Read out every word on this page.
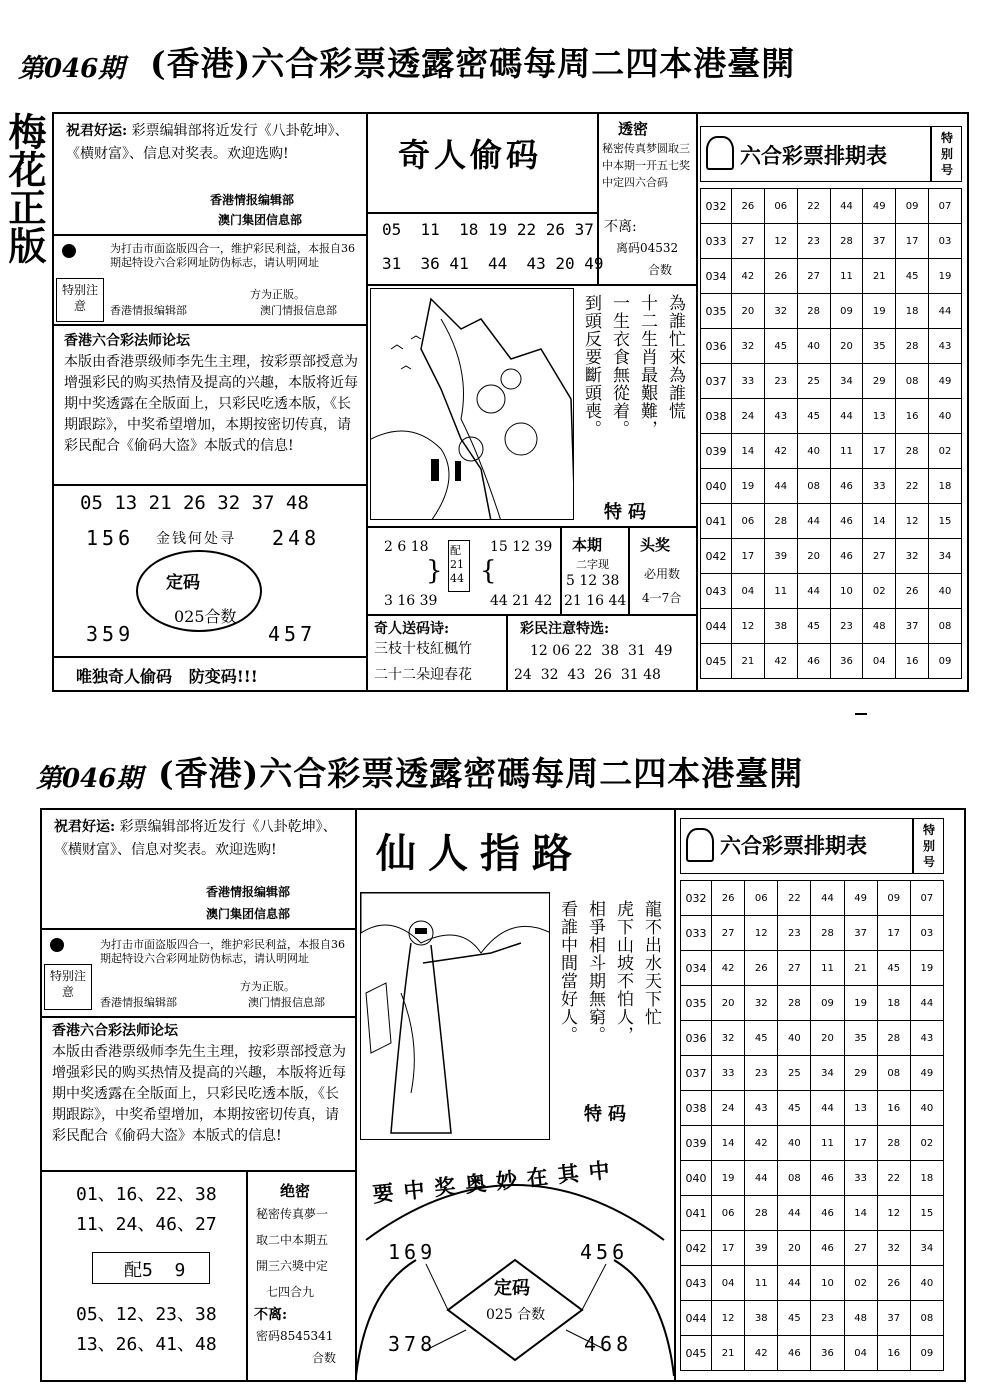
第046期 (香港)六合彩票透露密碼每周二四本港臺開
梅花正版 祝君好运: 彩票编辑部将近发行《八卦乾坤》、《横财富》、信息对奖表。欢迎选购!
香港情报编辑部
澳门集团信息部
特别注意
为打击市面盗版四合一，维护彩民利益，本报自36期起特设六合彩网址防伪标志，请认明网址
方为正版。
香港情报编辑部	澳门情报信息部
香港六合彩法师论坛
本版由香港票级师李先生主理，按彩票部授意为增强彩民的购买热情及提高的兴趣，本版将近每期中奖透露在全版面上，只彩民吃透本版，《长期跟踪》，中奖希望增加，本期按密切传真，请彩民配合《偷码大盗》本版式的信息!
05 13 21 26 32 37 48
156	248
金钱何处寻
定码
025合数
359	457
唯独奇人偷码   防变码!!!
奇人偷码
05  11  18 19 22 26 37
31  36 41  44  43 20 49
透密
秘密传真梦圆取三中本期一开五七奖中定四六合码
不离:
离码04532
合数
到頭反要斷頭喪。 一生衣食無從着。 十二生肖最艱難， 為誰忙來為誰慌
特码
2 6 18
}
配21 44 {
15 12 39
3 16 39	44 21 42
本期
二字现
5 12 38
21 16 44
头奖
必用数
4一7合
奇人送码诗:
三枝十枝紅楓竹
二十二朵迎春花
彩民注意特选:
12 06 22  38  31  49
24  32  43  26  31 48
六合彩票排期表
特别号
032	26	06	22	44	49	09	07
033	27	12	23	28	37	17	03
034	42	26	27	11	21	45	19
035	20	32	28	09	19	18	44
036	32	45	40	20	35	28	43
037	33	23	25	34	29	08	49
038	24	43	45	44	13	16	40
039	14	42	40	11	17	28	02
040	19	44	08	46	33	22	18
041	06	28	44	46	14	12	15
042	17	39	20	46	27	32	34
043	04	11	44	10	02	26	40
044	12	38	45	23	48	37	08
045	21	42	46	36	04	16	09
第046期 (香港)六合彩票透露密碼每周二四本港臺開
祝君好运: 彩票编辑部将近发行《八卦乾坤》、《横财富》、信息对奖表。欢迎选购!
香港情报编辑部
澳门集团信息部
特别注意
为打击市面盗版四合一，维护彩民利益，本报自36期起特设六合彩网址防伪标志，请认明网址
方为正版。
香港情报编辑部	澳门情报信息部
香港六合彩法师论坛
本版由香港票级师李先生主理，按彩票部授意为增强彩民的购买热情及提高的兴趣，本版将近每期中奖透露在全版面上，只彩民吃透本版，《长期跟踪》，中奖希望增加，本期按密切传真，请彩民配合《偷码大盗》本版式的信息!
01、16、22、38
11、24、46、27
配5  9
05、12、23、38
13、26、41、48
绝密
秘密传真夢一
取二中本期五
開三六獎中定
七四合九
不离:
密码8545341
合数
仙人指路
看誰中間當好人。 相爭相斗期無窮。 虎下山坡不怕人， 龍不出水天下忙
特码
要中奖奥妙在其中
169	456
定码
025 合数
378	468
六合彩票排期表
特别号
032	26	06	22	44	49	09	07
033	27	12	23	28	37	17	03
034	42	26	27	11	21	45	19
035	20	32	28	09	19	18	44
036	32	45	40	20	35	28	43
037	33	23	25	34	29	08	49
038	24	43	45	44	13	16	40
039	14	42	40	11	17	28	02
040	19	44	08	46	33	22	18
041	06	28	44	46	14	12	15
042	17	39	20	46	27	32	34
043	04	11	44	10	02	26	40
044	12	38	45	23	48	37	08
045	21	42	46	36	04	16	09
